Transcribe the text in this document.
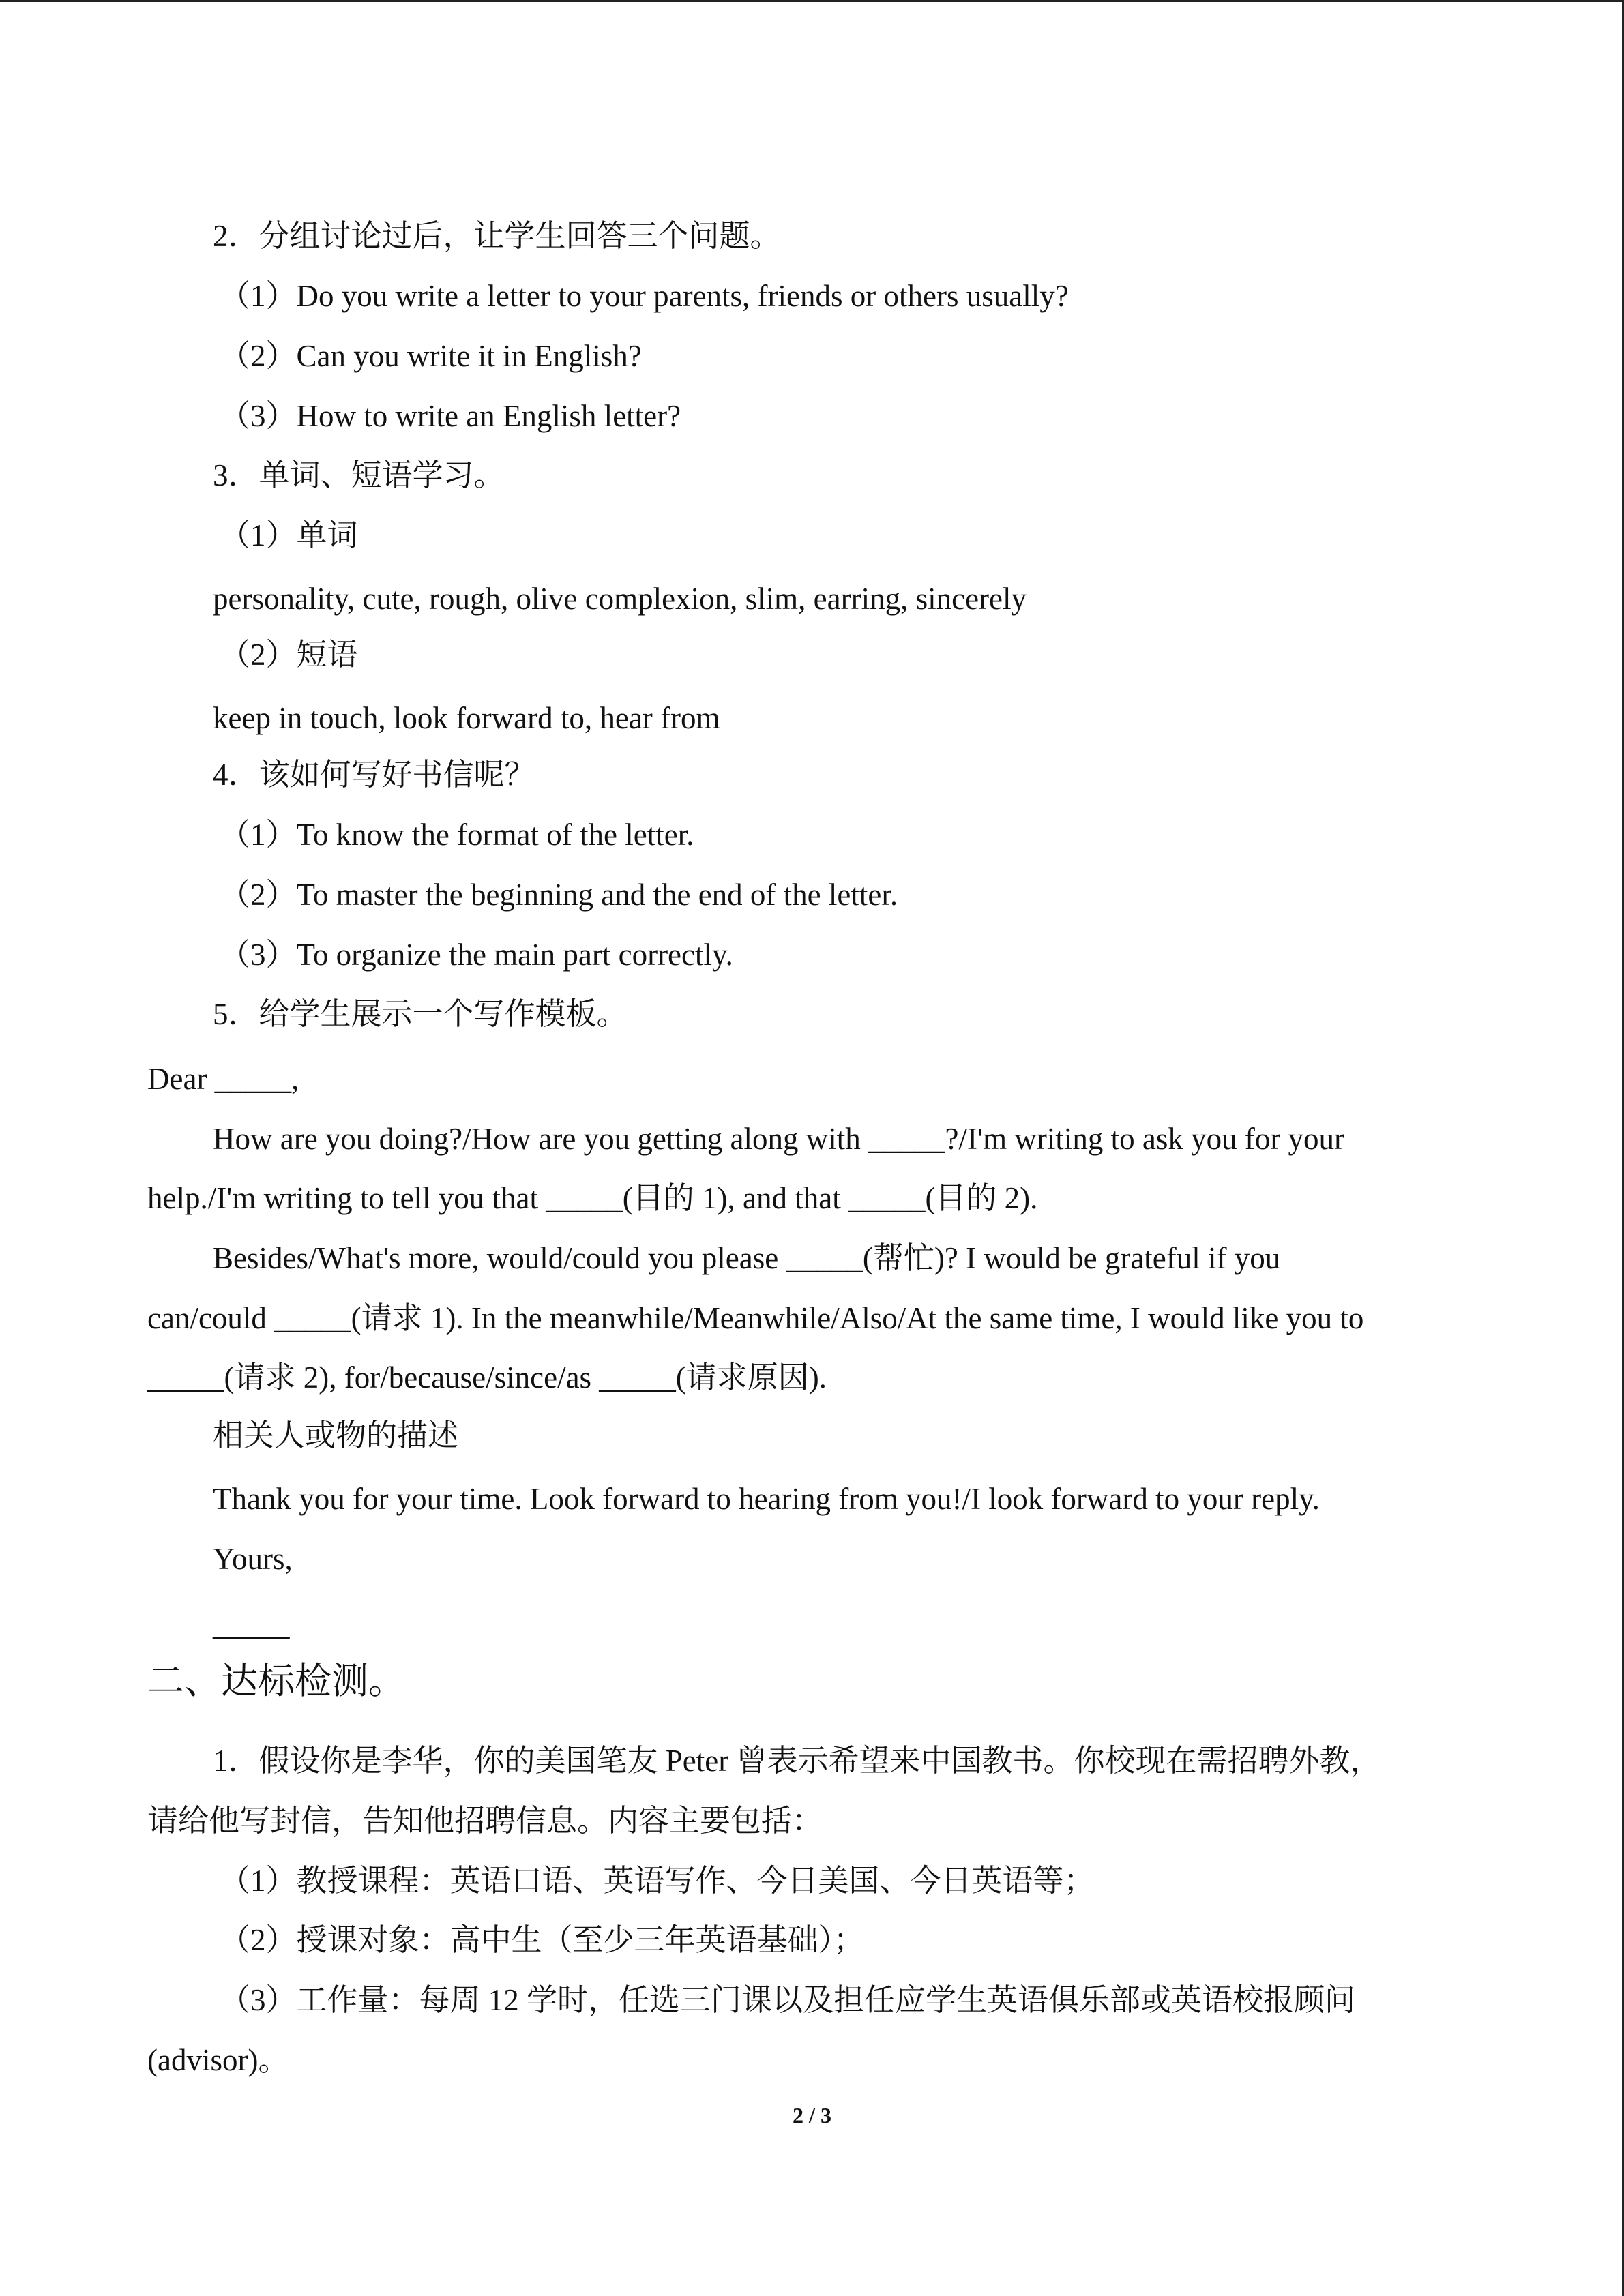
2．分组讨论过后，让学生回答三个问题。
（1）Do you write a letter to your parents, friends or others usually?
（2）Can you write it in English?
（3）How to write an English letter?
3．单词、短语学习。
（1）单词
personality, cute, rough, olive complexion, slim, earring, sincerely
（2）短语
keep in touch, look forward to, hear from
4．该如何写好书信呢？
（1）To know the format of the letter.
（2）To master the beginning and the end of the letter.
（3）To organize the main part correctly.
5．给学生展示一个写作模板。
Dear _____,
How are you doing?/How are you getting along with _____?/I'm writing to ask you for your
help./I'm writing to tell you that _____(目的 1), and that _____(目的 2).
Besides/What's more, would/could you please _____(帮忙)? I would be grateful if you
can/could _____(请求 1). In the meanwhile/Meanwhile/Also/At the same time, I would like you to
_____(请求 2), for/because/since/as _____(请求原因).
相关人或物的描述
Thank you for your time. Look forward to hearing from you!/I look forward to your reply.
Yours,
_____
二、达标检测。
1．假设你是李华，你的美国笔友 Peter 曾表示希望来中国教书。你校现在需招聘外教，
请给他写封信，告知他招聘信息。内容主要包括：
（1）教授课程：英语口语、英语写作、今日美国、今日英语等；
（2）授课对象：高中生（至少三年英语基础）；
（3）工作量：每周 12 学时，任选三门课以及担任应学生英语俱乐部或英语校报顾问
(advisor)。
2 / 3
